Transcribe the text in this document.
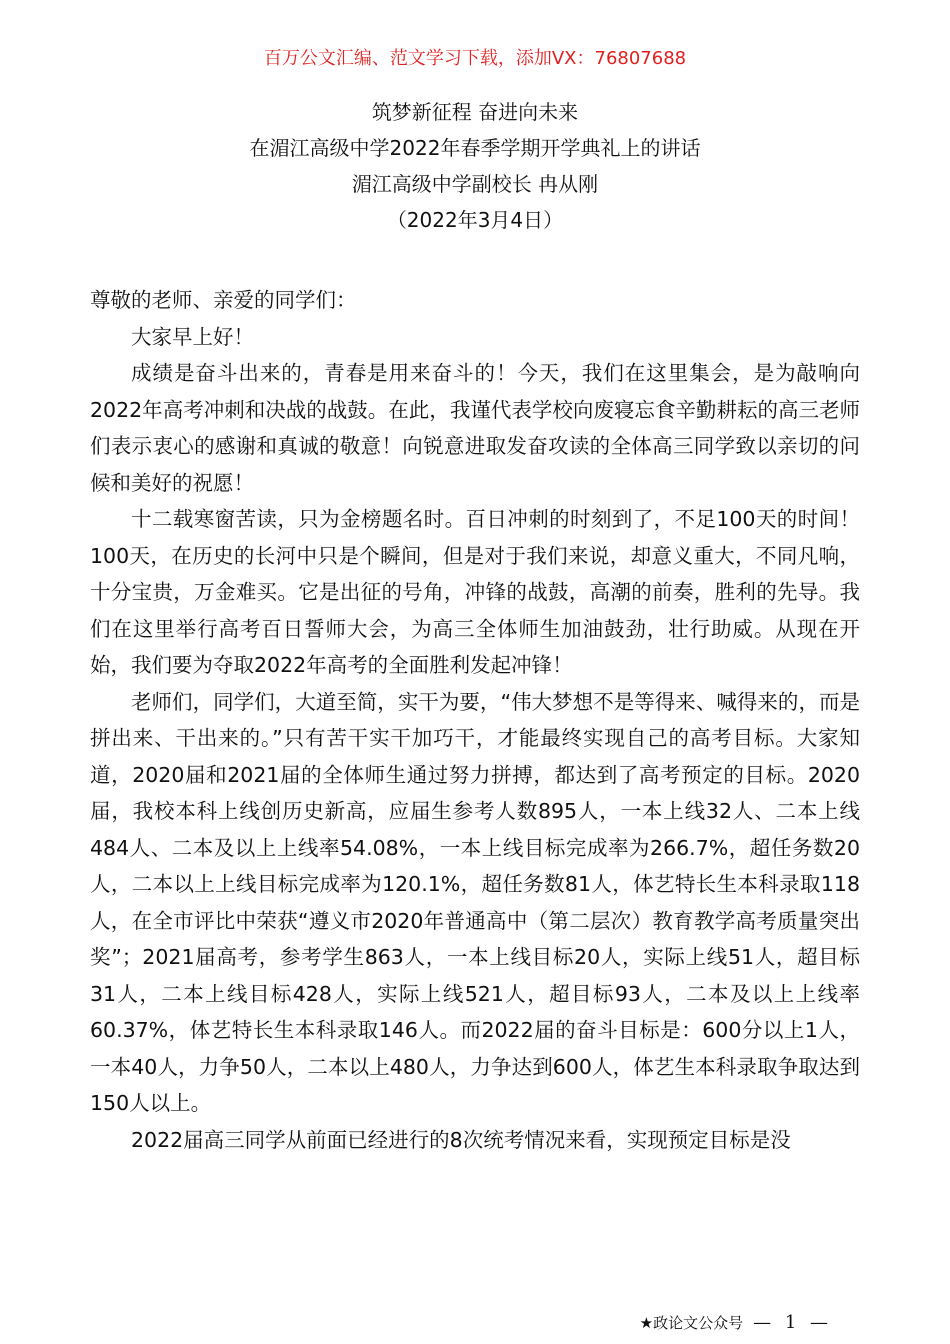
百万公文汇编、范文学习下载，添加VX：76807688
筑梦新征程 奋进向未来
在湄江高级中学2022年春季学期开学典礼上的讲话
湄江高级中学副校长 冉从刚
（2022年3月4日）

尊敬的老师、亲爱的同学们：

大家早上好！

成绩是奋斗出来的，青春是用来奋斗的！今天，我们在这里集会，是为敲响向2022年高考冲刺和决战的战鼓。在此，我谨代表学校向废寝忘食辛勤耕耘的高三老师们表示衷心的感谢和真诚的敬意！向锐意进取发奋攻读的全体高三同学致以亲切的问候和美好的祝愿！

十二载寒窗苦读，只为金榜题名时。百日冲刺的时刻到了，不足100天的时间！100天，在历史的长河中只是个瞬间，但是对于我们来说，却意义重大，不同凡响，十分宝贵，万金难买。它是出征的号角，冲锋的战鼓，高潮的前奏，胜利的先导。我们在这里举行高考百日誓师大会，为高三全体师生加油鼓劲，壮行助威。从现在开始，我们要为夺取2022年高考的全面胜利发起冲锋！

老师们，同学们，大道至简，实干为要，“伟大梦想不是等得来、喊得来的，而是拼出来、干出来的。”只有苦干实干加巧干，才能最终实现自己的高考目标。大家知道，2020届和2021届的全体师生通过努力拼搏，都达到了高考预定的目标。2020届，我校本科上线创历史新高，应届生参考人数895人，一本上线32人、二本上线484人、二本及以上上线率54.08%，一本上线目标完成率为266.7%，超任务数20人，二本以上上线目标完成率为120.1%，超任务数81人，体艺特长生本科录取118人，在全市评比中荣获“遵义市2020年普通高中（第二层次）教育教学高考质量突出奖”；2021届高考，参考学生863人，一本上线目标20人，实际上线51人，超目标31人，二本上线目标428人，实际上线521人，超目标93人，二本及以上上线率60.37%，体艺特长生本科录取146人。而2022届的奋斗目标是：600分以上1人，一本40人，力争50人，二本以上480人，力争达到600人，体艺生本科录取争取达到150人以上。

2022届高三同学从前面已经进行的8次统考情况来看，实现预定目标是没

★政论文公众号 — 1 —
